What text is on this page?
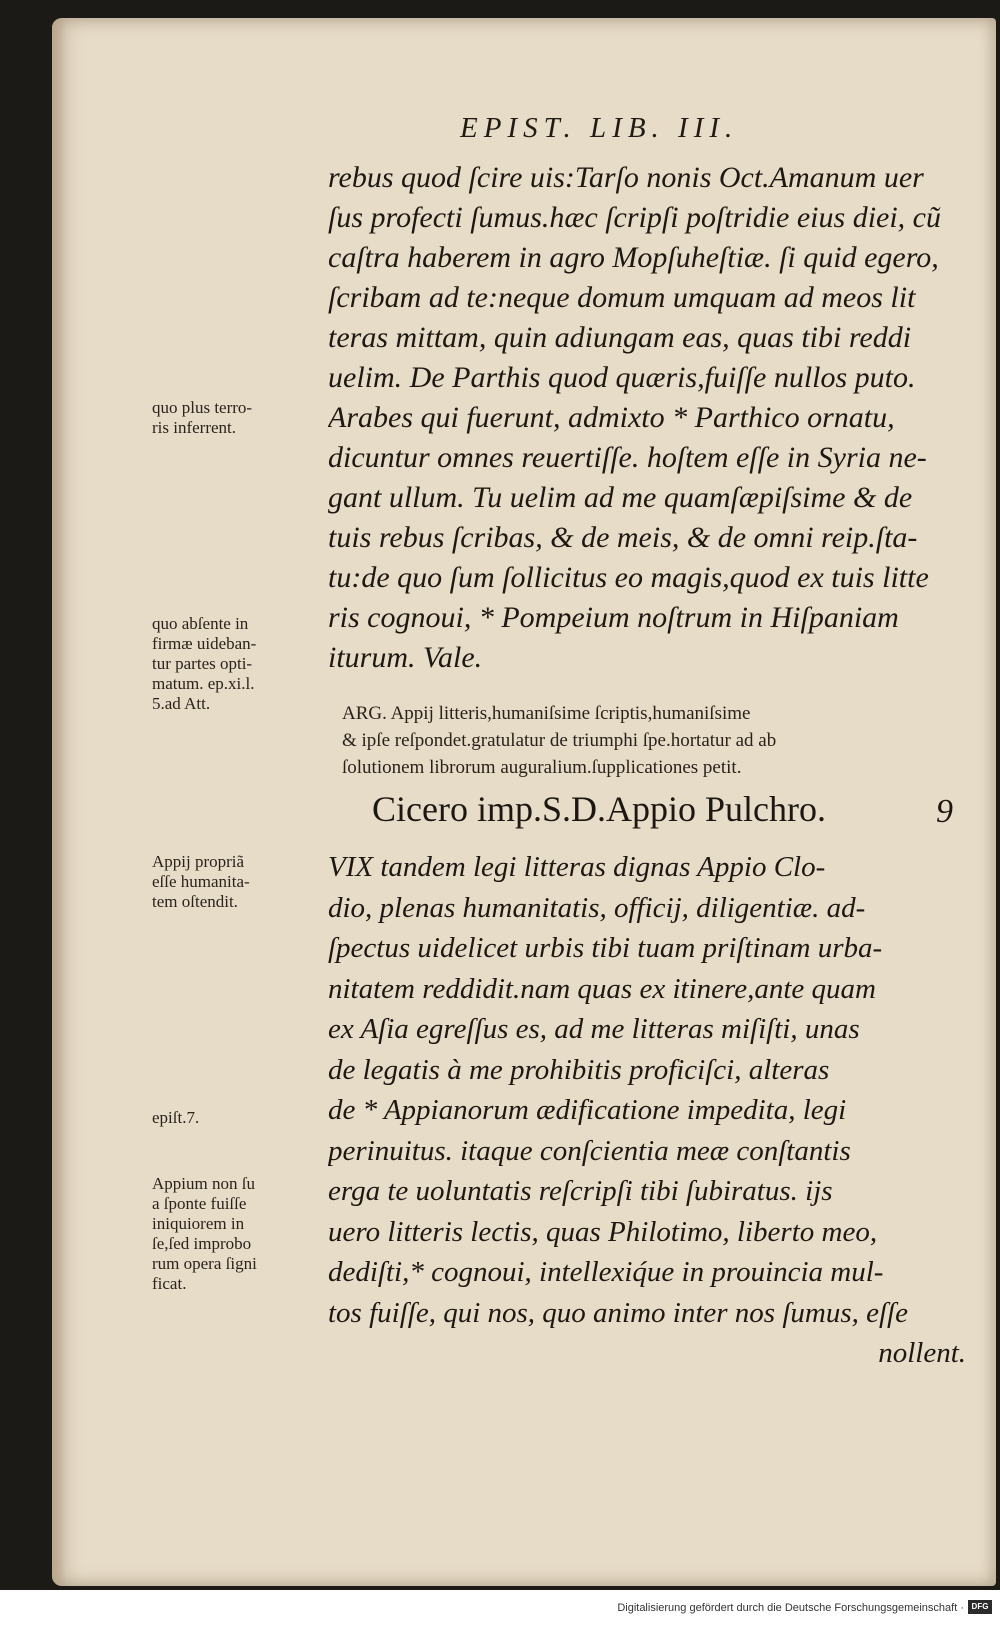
EPIST. LIB. III.
rebus quod ſcire uis:Tarſo nonis Oct.Amanum uer
ſus profecti ſumus.hæc ſcripſi poſtridie eius diei, cũ
caſtra haberem in agro Mopſuheſtiæ. ſi quid egero,
ſcribam ad te:neque domum umquam ad meos lit
teras mittam, quin adiungam eas, quas tibi reddi
uelim. De Parthis quod quæris,fuiſſe nullos puto.
Arabes qui fuerunt, admixto * Parthico ornatu,
dicuntur omnes reuertiſſe. hoſtem eſſe in Syria ne-
gant ullum. Tu uelim ad me quamſæpiſsime & de
tuis rebus ſcribas, & de meis, & de omni reip.ſta-
tu:de quo ſum ſollicitus eo magis,quod ex tuis litte
ris cognoui, * Pompeium noſtrum in Hiſpaniam
iturum. Vale.
ARG. Appij litteris,humaniſsime ſcriptis,humaniſsime
& ipſe reſpondet.gratulatur de triumphi ſpe.hortatur ad ab
ſolutionem librorum auguralium.ſupplicationes petit.
Cicero imp.S.D.Appio Pulchro.	9
VIX tandem legi litteras dignas Appio Clo-
dio, plenas humanitatis, officij, diligentiæ. ad-
ſpectus uidelicet urbis tibi tuam priſtinam urba-
nitatem reddidit.nam quas ex itinere,ante quam
ex Aſia egreſſus es, ad me litteras miſiſti, unas
de legatis à me prohibitis proficiſci, alteras
de * Appianorum ædificatione impedita, legi
perinuitus. itaque conſcientia meæ conſtantis
erga te uoluntatis reſcripſi tibi ſubiratus. ijs
uero litteris lectis, quas Philotimo, liberto meo,
dediſti,* cognoui, intellexiq́ue in prouincia mul-
tos fuiſſe, qui nos, quo animo inter nos ſumus, eſſe
nollent.
quo plus terro-
ris inferrent.
quo abſente in
firmæ uideban-
tur partes opti-
matum. ep.xi.l.
5.ad Att.
Appij propriã
eſſe humanita-
tem oſtendit.
epiſt.7.
Appium non ſu
a ſponte fuiſſe
iniquiorem in
ſe,ſed improbo
rum opera ſigni
ficat.
Digitalisierung gefördert durch die Deutsche Forschungsgemeinschaft · DFG
